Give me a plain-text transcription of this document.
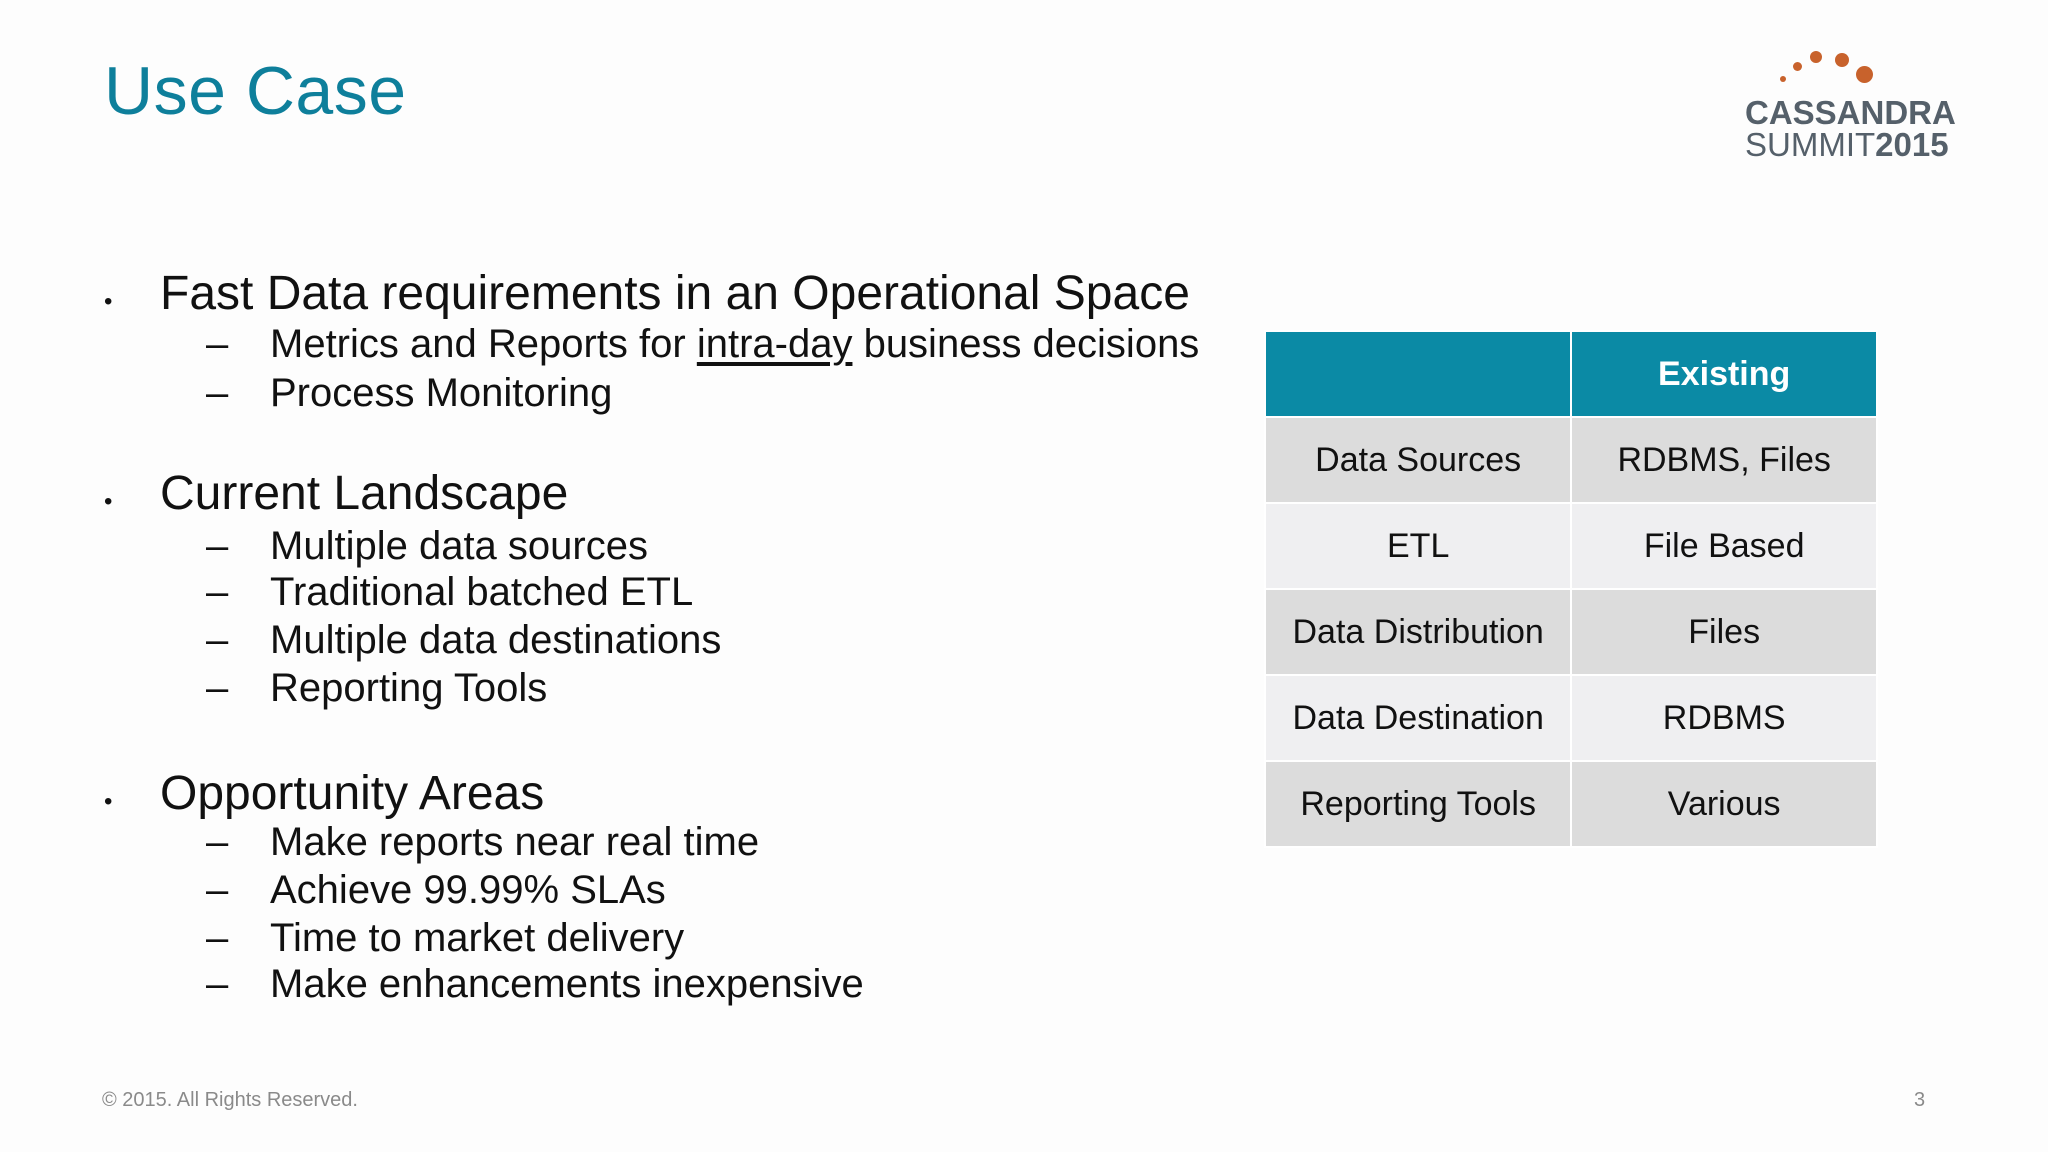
Use Case	CASSANDRA
SUMMIT2015
• Fast Data requirements in an Operational Space
– Metrics and Reports for intra-day business decisions
– Process Monitoring
• Current Landscape
– Multiple data sources
– Traditional batched ETL
– Multiple data destinations
– Reporting Tools
• Opportunity Areas
– Make reports near real time
– Achieve 99.99% SLAs
– Time to market delivery
– Make enhancements inexpensive
	Existing
Data Sources	RDBMS, Files
ETL	File Based
Data Distribution	Files
Data Destination	RDBMS
Reporting Tools	Various
© 2015. All Rights Reserved.	3
